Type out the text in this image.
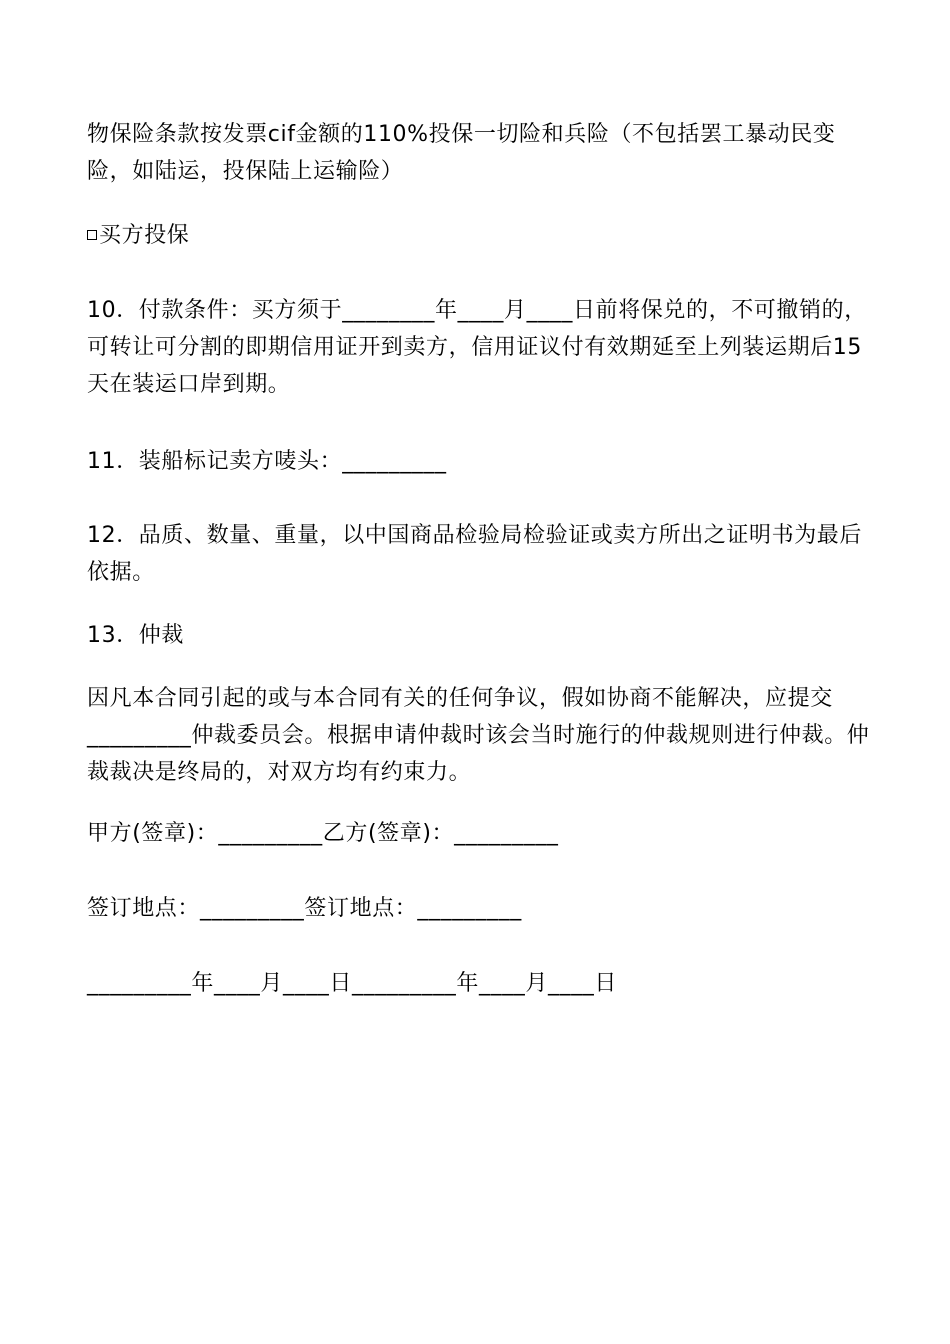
物保险条款按发票cif金额的110%投保一切险和兵险（不包括罢工暴动民变险，如陆运，投保陆上运输险）

买方投保

10．付款条件：买方须于________年____月____日前将保兑的，不可撤销的，可转让可分割的即期信用证开到卖方，信用证议付有效期延至上列装运期后15天在装运口岸到期。

11．装船标记卖方唛头：_________

12．品质、数量、重量，以中国商品检验局检验证或卖方所出之证明书为最后依据。

13．仲裁

因凡本合同引起的或与本合同有关的任何争议，假如协商不能解决，应提交_________仲裁委员会。根据申请仲裁时该会当时施行的仲裁规则进行仲裁。仲裁裁决是终局的，对双方均有约束力。

甲方(签章)：_________乙方(签章)：_________

签订地点：_________签订地点：_________

_________年____月____日_________年____月____日
